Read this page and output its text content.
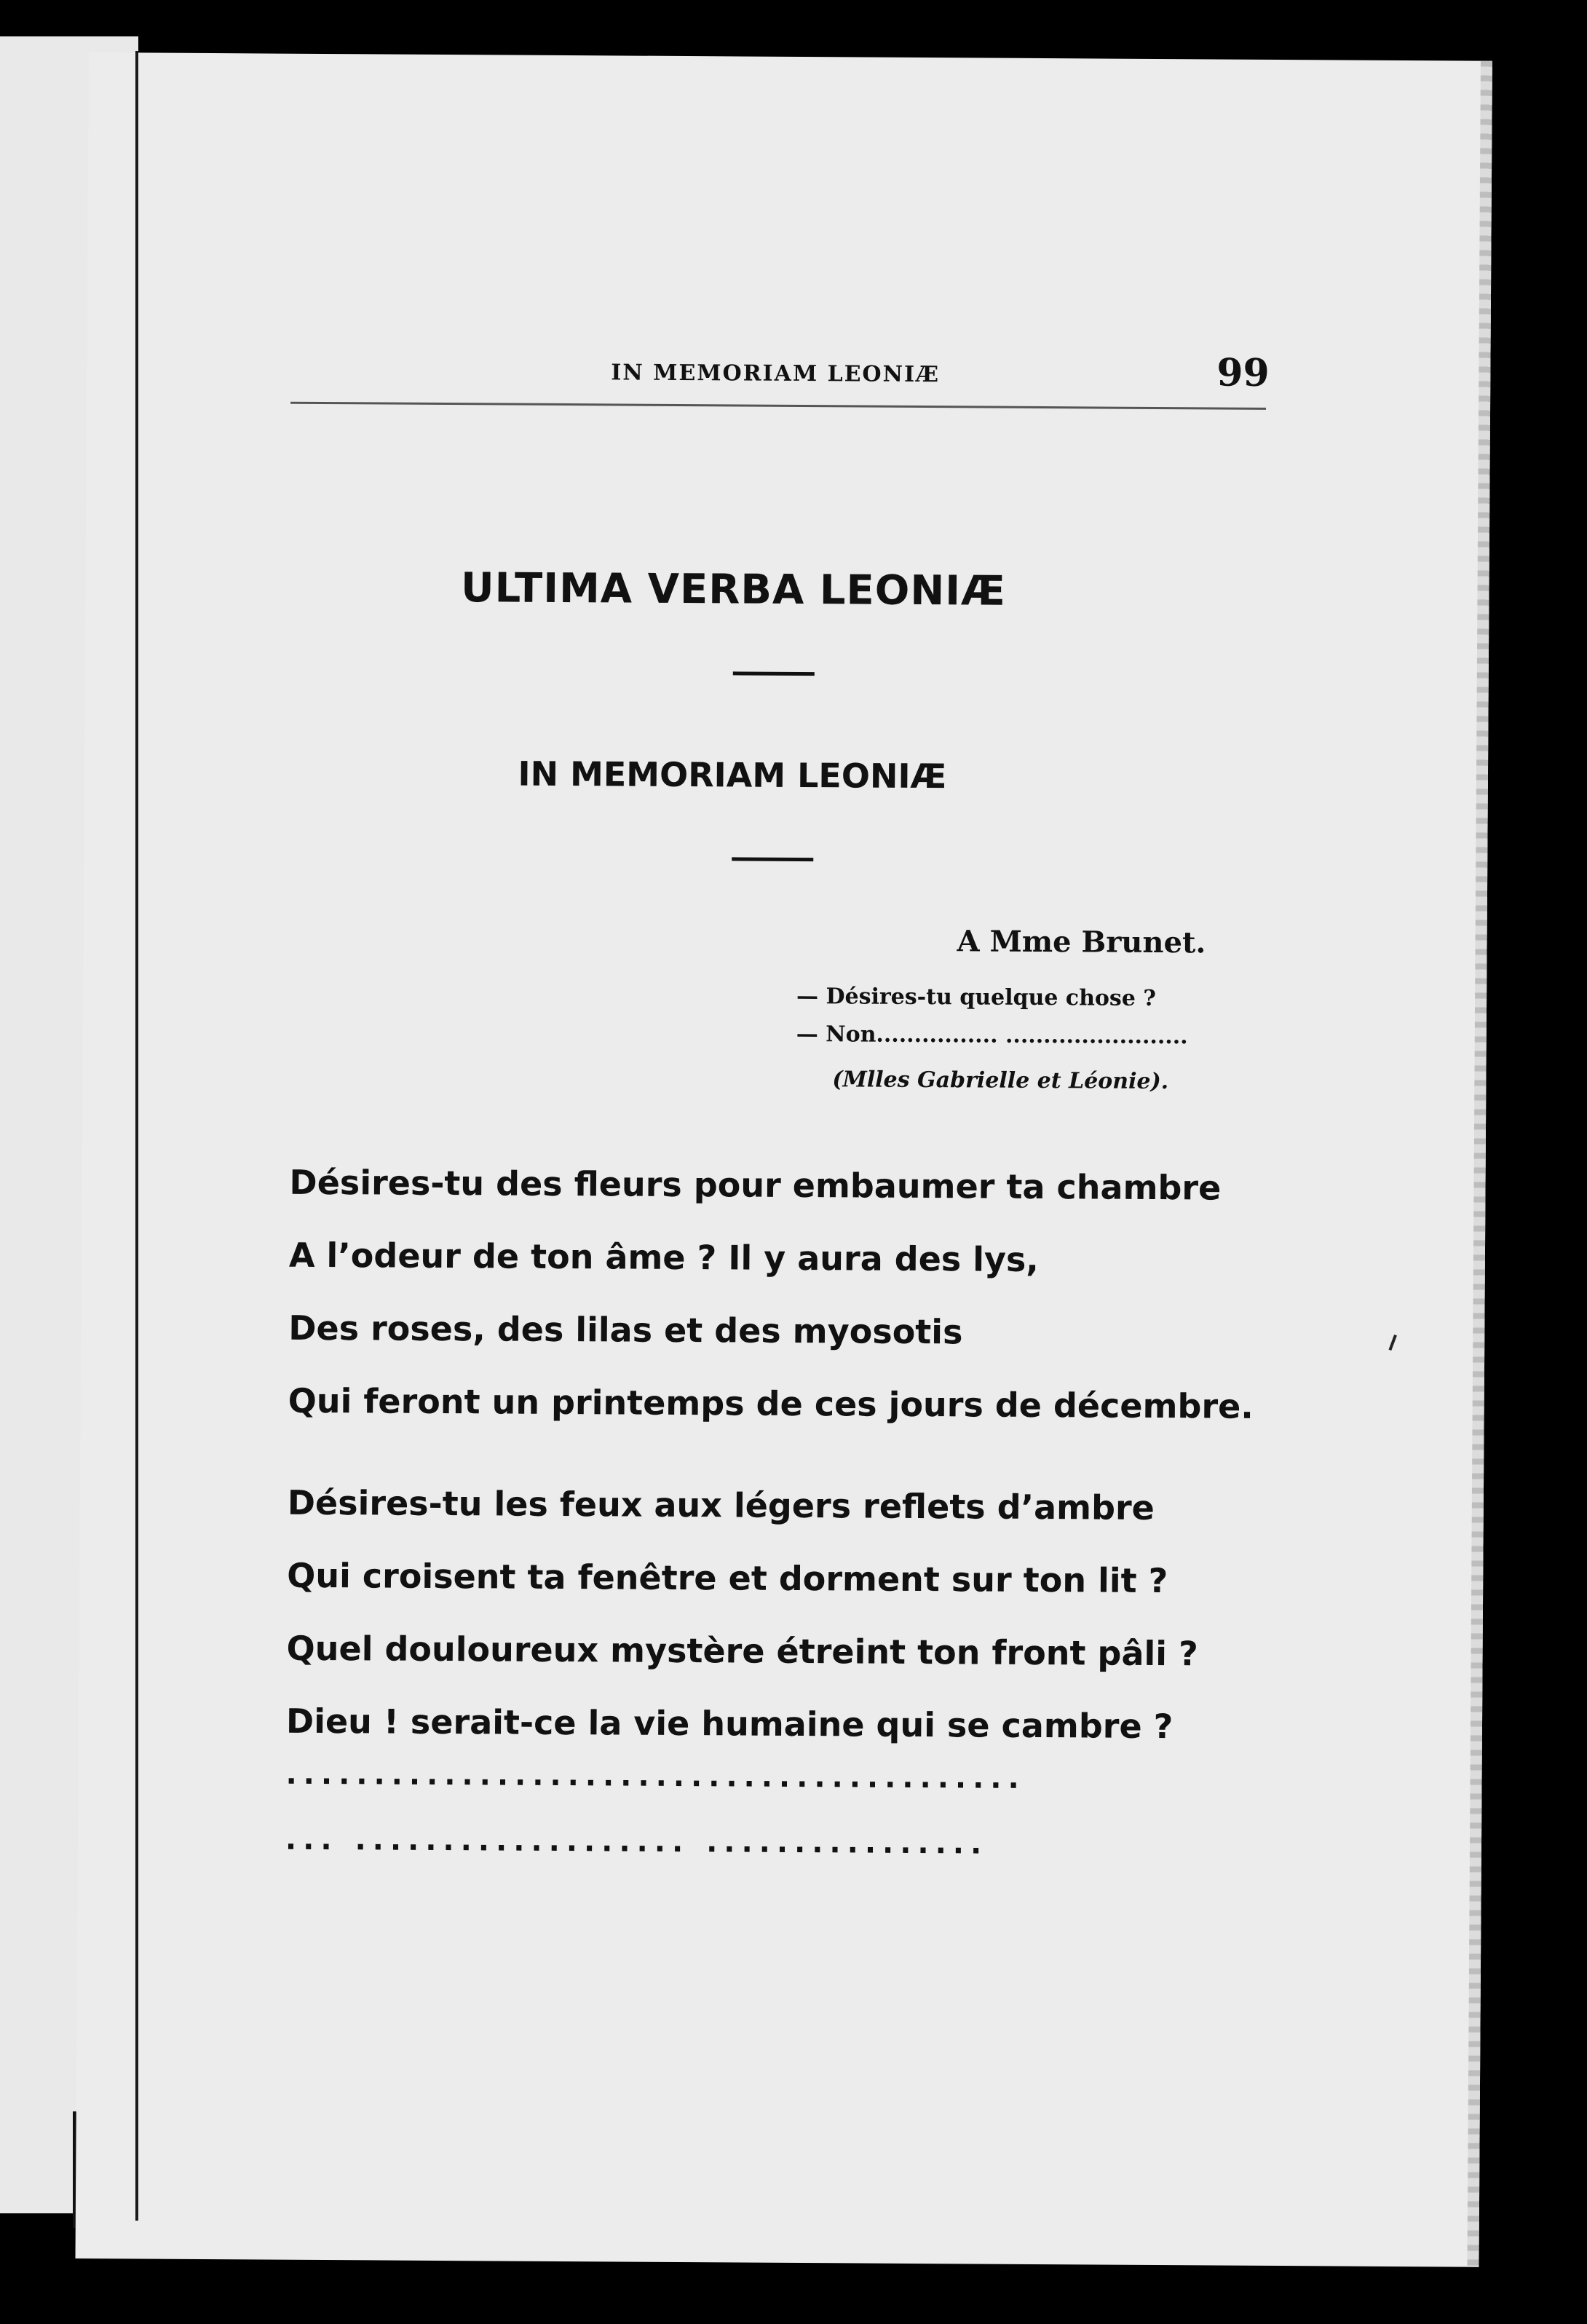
IN MEMORIAM LEONIÆ	99
ULTIMA VERBA LEONIÆ
IN MEMORIAM LEONIÆ
A Mme Brunet.
— Désires-tu quelque chose ?
— Non................ ........................
(Mlles Gabrielle et Léonie).
Désires-tu des fleurs pour embaumer ta chambre
A l’odeur de ton âme ? Il y aura des lys,
Des roses, des lilas et des myosotis
Qui feront un printemps de ces jours de décembre.
Désires-tu les feux aux légers reflets d’ambre
Qui croisent ta fenêtre et dorment sur ton lit ?
Quel douloureux mystère étreint ton front pâli ?
Dieu ! serait-ce la vie humaine qui se cambre ?
..........................................
... ................... ................
